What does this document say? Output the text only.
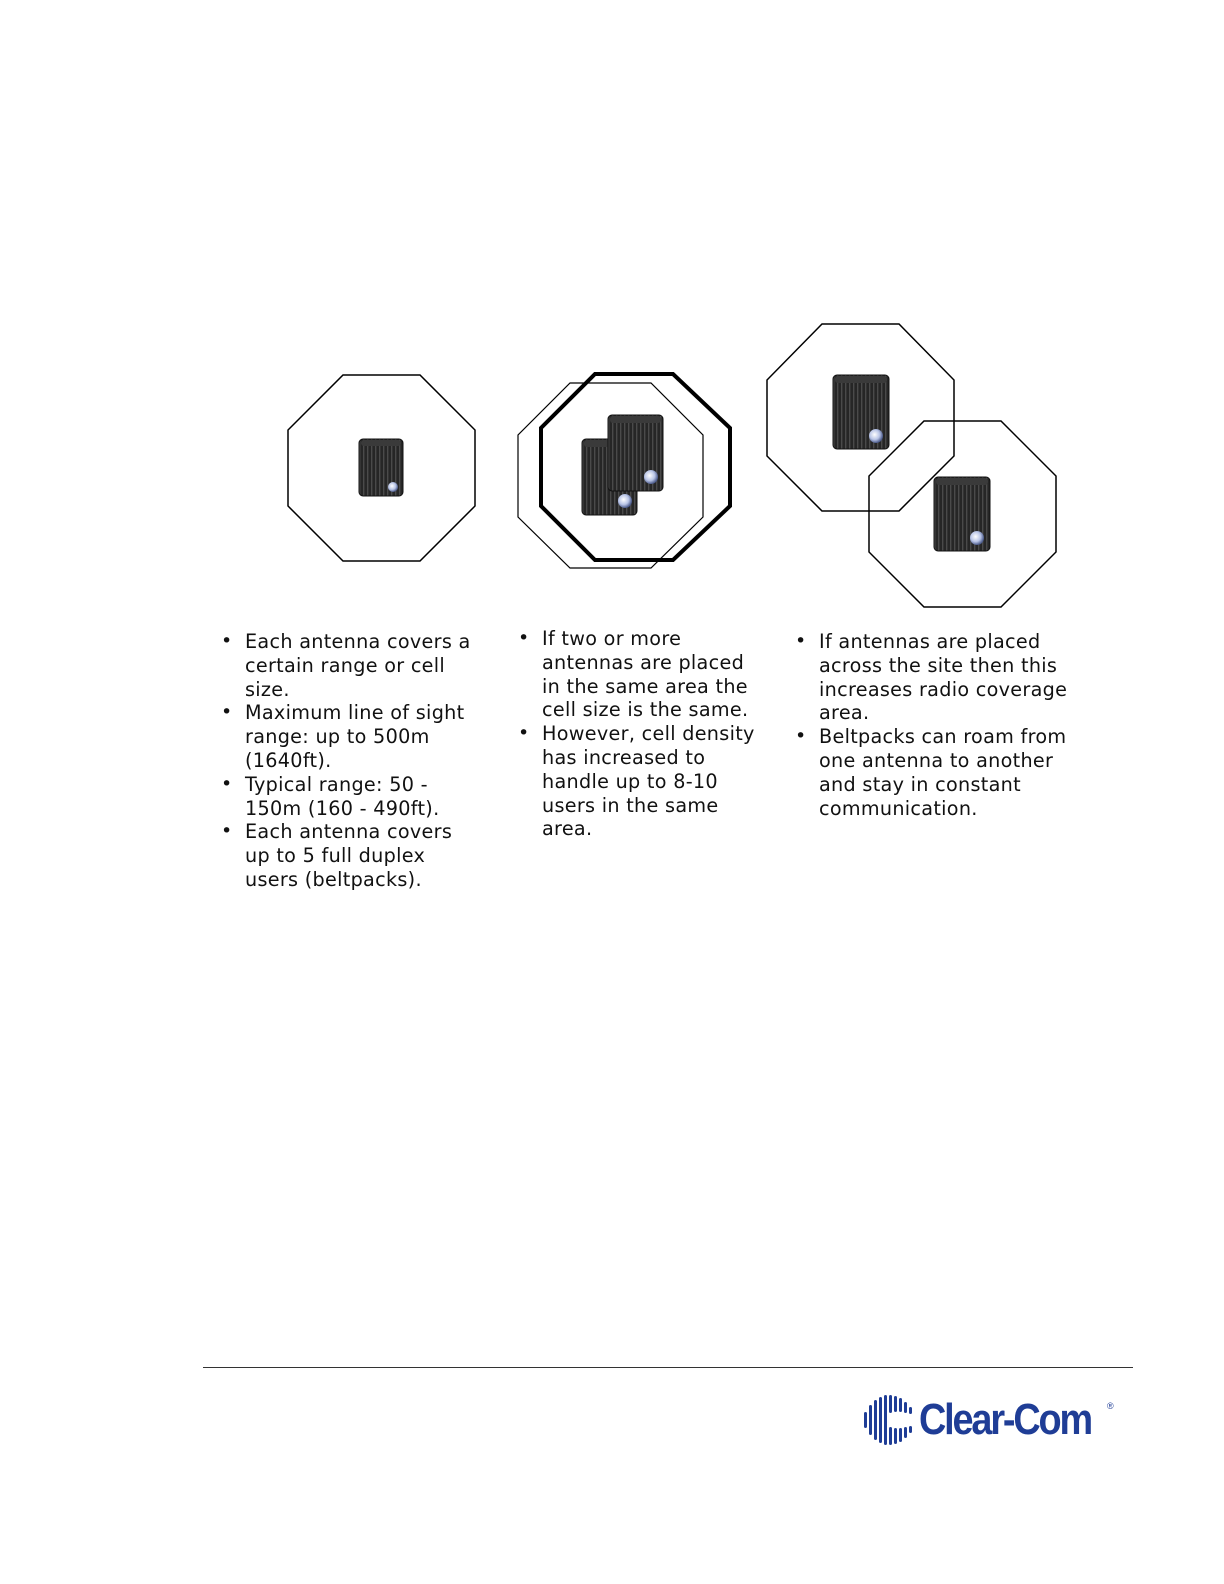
• Each antenna covers a certain range or cell size.
• Maximum line of sight range: up to 500m (1640ft).
• Typical range: 50 - 150m (160 - 490ft).
• Each antenna covers up to 5 full duplex users (beltpacks).
• If two or more antennas are placed in the same area the cell size is the same.
• However, cell density has increased to handle up to 8-10 users in the same area.
• If antennas are placed across the site then this increases radio coverage area.
• Beltpacks can roam from one antenna to another and stay in constant communication.
Clear-Com ®
